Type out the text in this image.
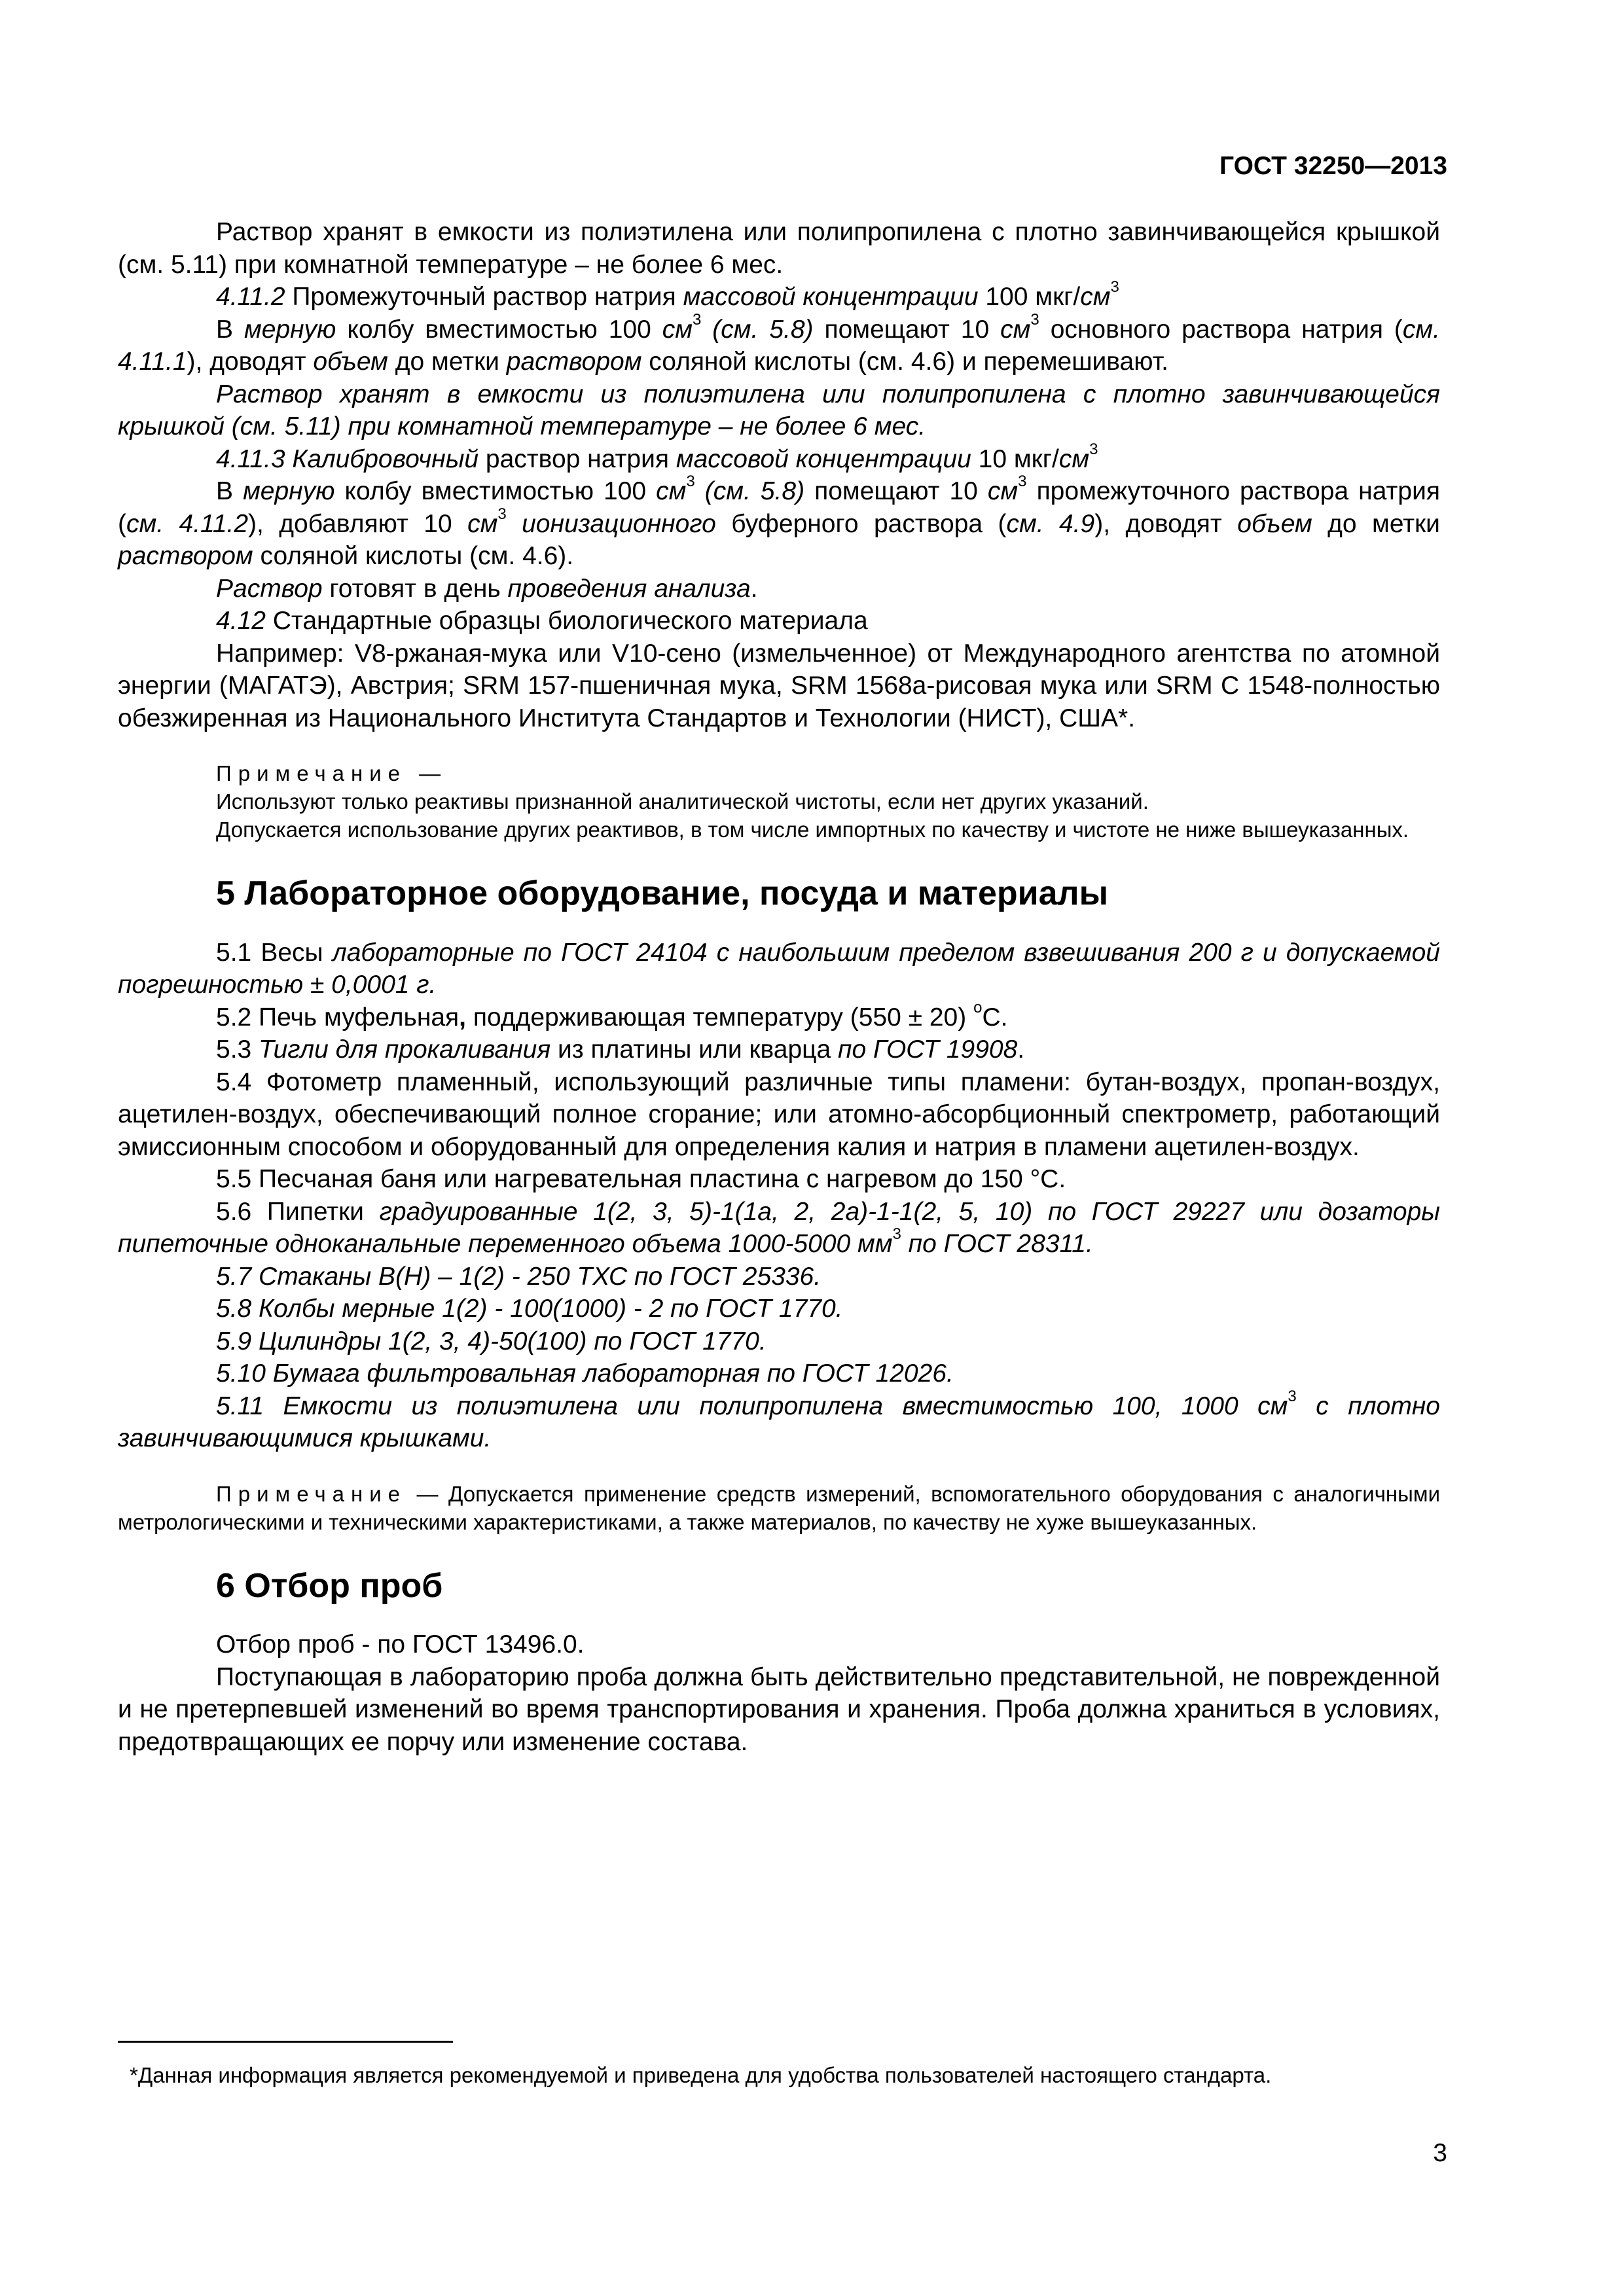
ГОСТ 32250—2013

Раствор хранят в емкости из полиэтилена или полипропилена с плотно завинчивающейся крышкой (см. 5.11) при комнатной температуре – не более 6 мес.

4.11.2 Промежуточный раствор натрия массовой концентрации 100 мкг/$см^3$

В мерную колбу вместимостью 100 $см^3$ (см. 5.8) помещают 10 $см^3$ основного раствора натрия (см. 4.11.1), доводят объем до метки раствором соляной кислоты (см. 4.6) и перемешивают.

Раствор хранят в емкости из полиэтилена или полипропилена с плотно завинчивающейся крышкой (см. 5.11) при комнатной температуре – не более 6 мес.

4.11.3 Калибровочный раствор натрия массовой концентрации 10 мкг/$см^3$

В мерную колбу вместимостью 100 $см^3$ (см. 5.8) помещают 10 $см^3$ промежуточного раствора натрия (см. 4.11.2), добавляют 10 $см^3$ ионизационного буферного раствора (см. 4.9), доводят объем до метки раствором соляной кислоты (см. 4.6).

Раствор готовят в день проведения анализа.

4.12 Стандартные образцы биологического материала

Например: V8-ржаная-мука или V10-сено (измельченное) от Международного агентства по атомной энергии (МАГАТЭ), Австрия; SRM 157-пшеничная мука, SRM 1568а-рисовая мука или SRM C 1548-полностью обезжиренная из Национального Института Стандартов и Технологии (НИСТ), США*.

Примечание —

Используют только реактивы признанной аналитической чистоты, если нет других указаний.

Допускается использование других реактивов, в том числе импортных по качеству и чистоте не ниже вышеуказанных.

5 Лабораторное оборудование, посуда и материалы

5.1 Весы лабораторные по ГОСТ 24104 с наибольшим пределом взвешивания 200 г и допускаемой погрешностью ± 0,0001 г.

5.2 Печь муфельная, поддерживающая температуру (550 ± 20) $^о$С.

5.3 Тигли для прокаливания из платины или кварца по ГОСТ 19908.

5.4 Фотометр пламенный, использующий различные типы пламени: бутан-воздух, пропан-воздух, ацетилен-воздух, обеспечивающий полное сгорание; или атомно-абсорбционный спектрометр, работающий эмиссионным способом и оборудованный для определения калия и натрия в пламени ацетилен-воздух.

5.5 Песчаная баня или нагревательная пластина с нагревом до 150 °С.

5.6 Пипетки градуированные 1(2, 3, 5)-1(1а, 2, 2а)-1-1(2, 5, 10) по ГОСТ 29227 или дозаторы пипеточные одноканальные переменного объема 1000-5000 $мм^3$ по ГОСТ 28311.

5.7 Стаканы В(Н) – 1(2) - 250 ТХС по ГОСТ 25336.

5.8 Колбы мерные 1(2) - 100(1000) - 2 по ГОСТ 1770.

5.9 Цилиндры 1(2, 3, 4)-50(100) по ГОСТ 1770.

5.10 Бумага фильтровальная лабораторная по ГОСТ 12026.

5.11 Емкости из полиэтилена или полипропилена вместимостью 100, 1000 $см^3$ с плотно завинчивающимися крышками.

Примечание — Допускается применение средств измерений, вспомогательного оборудования с аналогичными метрологическими и техническими характеристиками, а также материалов, по качеству не хуже вышеуказанных.

6 Отбор проб

Отбор проб - по ГОСТ 13496.0.

Поступающая в лабораторию проба должна быть действительно представительной, не поврежденной и не претерпевшей изменений во время транспортирования и хранения. Проба должна храниться в условиях, предотвращающих ее порчу или изменение состава.

*Данная информация является рекомендуемой и приведена для удобства пользователей настоящего стандарта.

3
